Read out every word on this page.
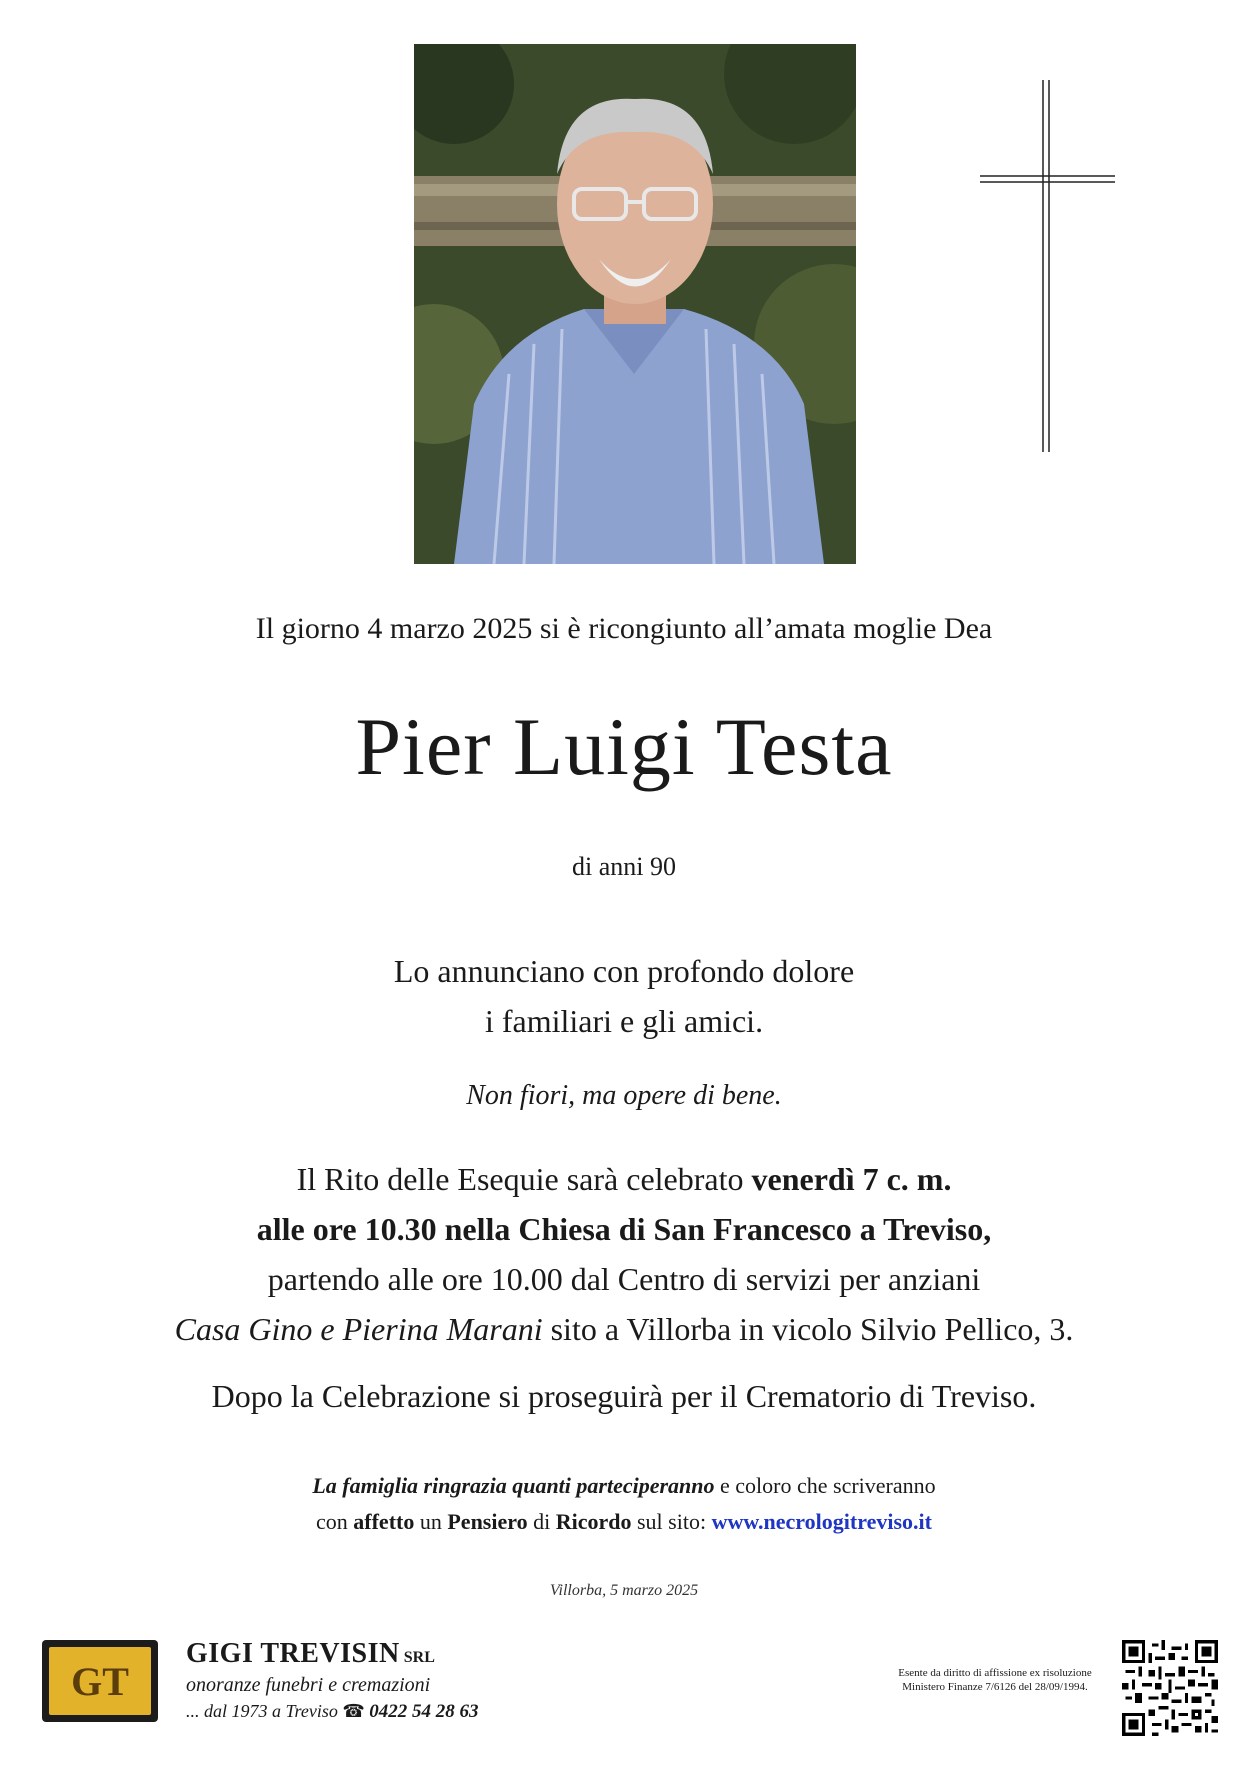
Il giorno 4 marzo 2025 si è ricongiunto all’amata moglie Dea
Pier Luigi Testa
di anni 90
Lo annunciano con profondo dolore
i familiari e gli amici.
Non fiori, ma opere di bene.
Il Rito delle Esequie sarà celebrato venerdì 7 c. m.
alle ore 10.30 nella Chiesa di San Francesco a Treviso,
partendo alle ore 10.00 dal Centro di servizi per anziani
Casa Gino e Pierina Marani sito a Villorba in vicolo Silvio Pellico, 3.
Dopo la Celebrazione si proseguirà per il Crematorio di Treviso.
La famiglia ringrazia quanti parteciperanno e coloro che scriveranno
con affetto un Pensiero di Ricordo sul sito: www.necrologitreviso.it
Villorba, 5 marzo 2025
GT
GIGI TREVISIN SRL
onoranze funebri e cremazioni
... dal 1973 a Treviso ☎ 0422 54 28 63
Esente da diritto di affissione ex risoluzione
Ministero Finanze 7/6126 del 28/09/1994.
